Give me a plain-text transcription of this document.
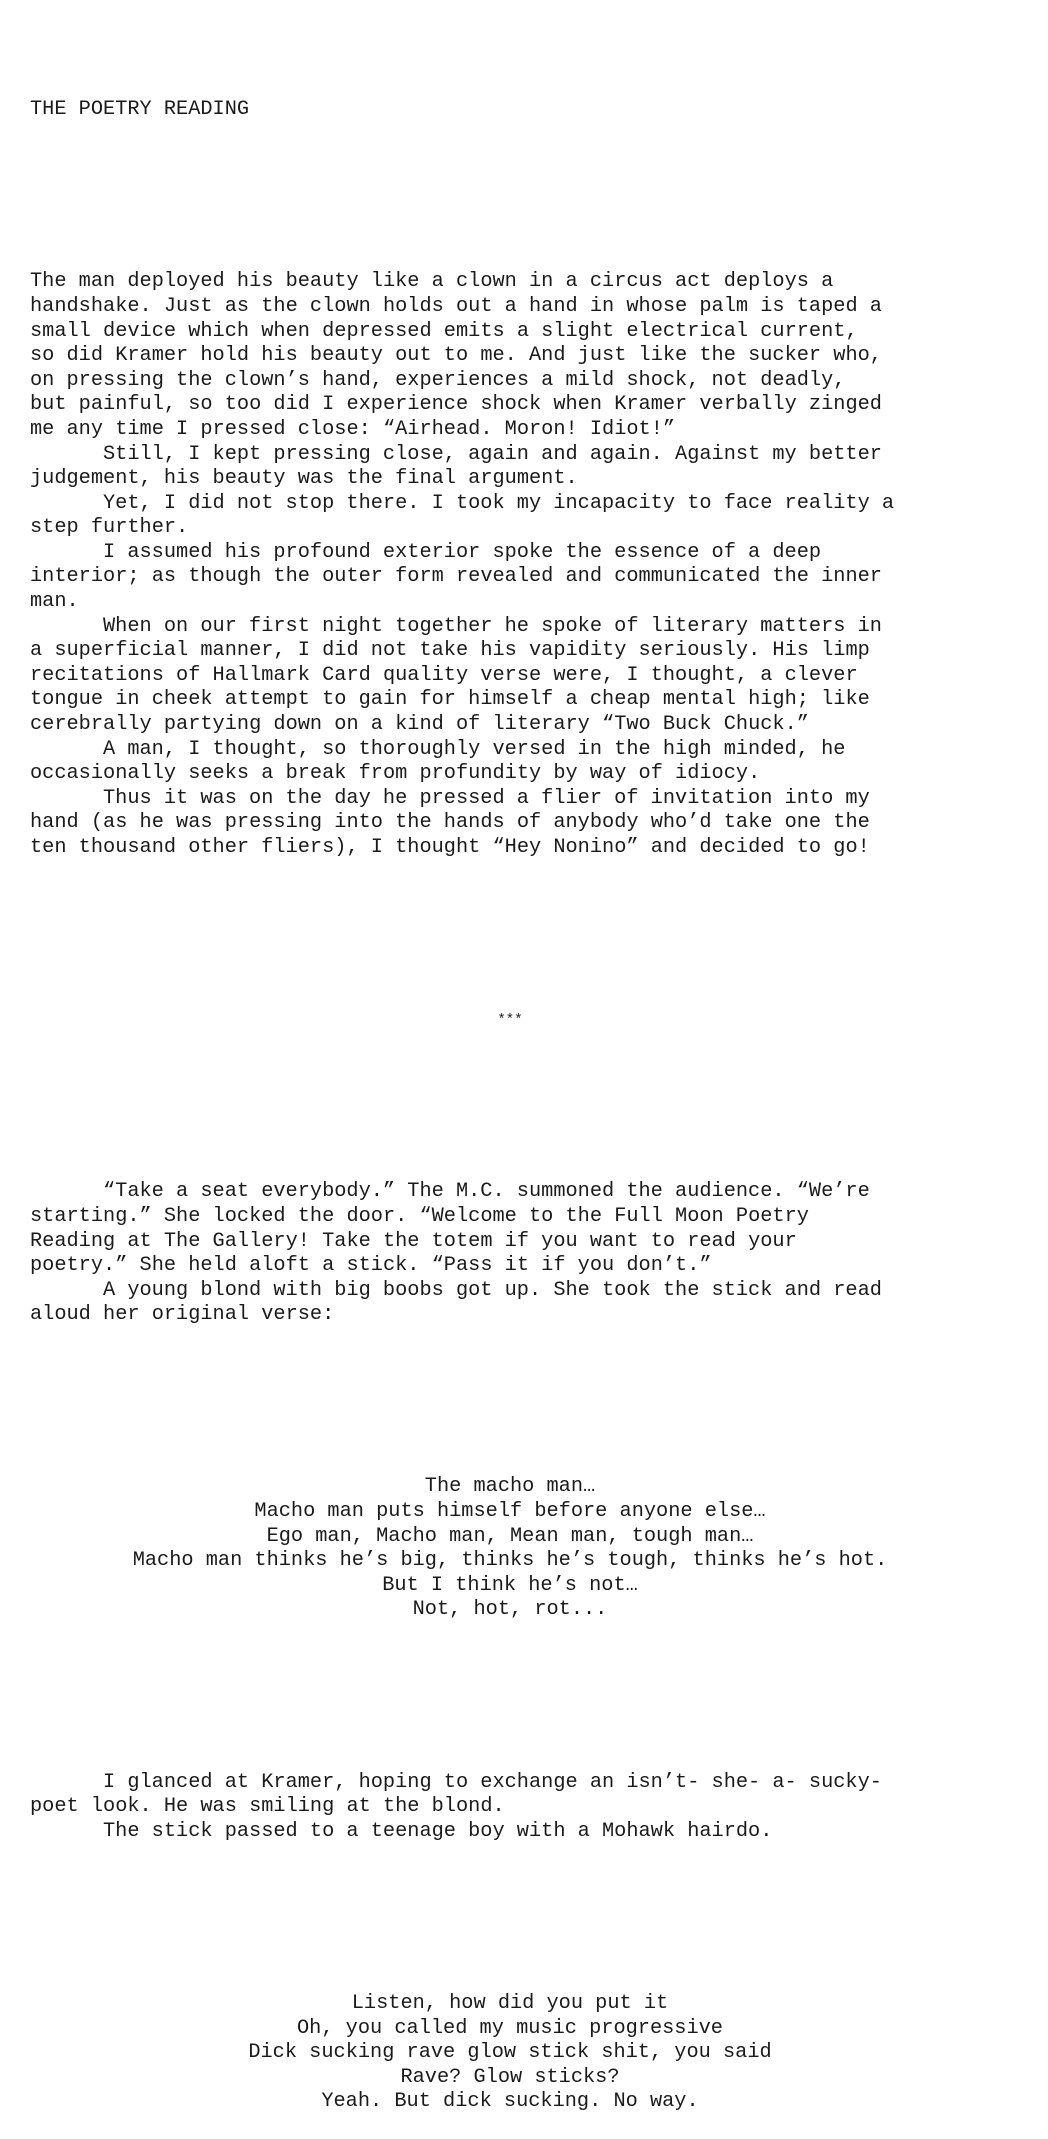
THE POETRY READING

The man deployed his beauty like a clown in a circus act deploys a
handshake. Just as the clown holds out a hand in whose palm is taped a
small device which when depressed emits a slight electrical current,
so did Kramer hold his beauty out to me. And just like the sucker who,
on pressing the clown’s hand, experiences a mild shock, not deadly,
but painful, so too did I experience shock when Kramer verbally zinged
me any time I pressed close: “Airhead. Moron! Idiot!”
Still, I kept pressing close, again and again. Against my better
judgement, his beauty was the final argument.
Yet, I did not stop there. I took my incapacity to face reality a
step further.
I assumed his profound exterior spoke the essence of a deep
interior; as though the outer form revealed and communicated the inner
man.
When on our first night together he spoke of literary matters in
a superficial manner, I did not take his vapidity seriously. His limp
recitations of Hallmark Card quality verse were, I thought, a clever
tongue in cheek attempt to gain for himself a cheap mental high; like
cerebrally partying down on a kind of literary “Two Buck Chuck.”
A man, I thought, so thoroughly versed in the high minded, he
occasionally seeks a break from profundity by way of idiocy.
Thus it was on the day he pressed a flier of invitation into my
hand (as he was pressing into the hands of anybody who’d take one the
ten thousand other fliers), I thought “Hey Nonino” and decided to go!

***

“Take a seat everybody.” The M.C. summoned the audience. “We’re
starting.” She locked the door. “Welcome to the Full Moon Poetry
Reading at The Gallery! Take the totem if you want to read your
poetry.” She held aloft a stick. “Pass it if you don’t.”
A young blond with big boobs got up. She took the stick and read
aloud her original verse:

The macho man…
Macho man puts himself before anyone else…
Ego man, Macho man, Mean man, tough man…
Macho man thinks he’s big, thinks he’s tough, thinks he’s hot.
But I think he’s not…
Not, hot, rot...

I glanced at Kramer, hoping to exchange an isn’t- she- a- sucky-
poet look. He was smiling at the blond.
The stick passed to a teenage boy with a Mohawk hairdo.

Listen, how did you put it
Oh, you called my music progressive
Dick sucking rave glow stick shit, you said
Rave? Glow sticks?
Yeah. But dick sucking. No way.
